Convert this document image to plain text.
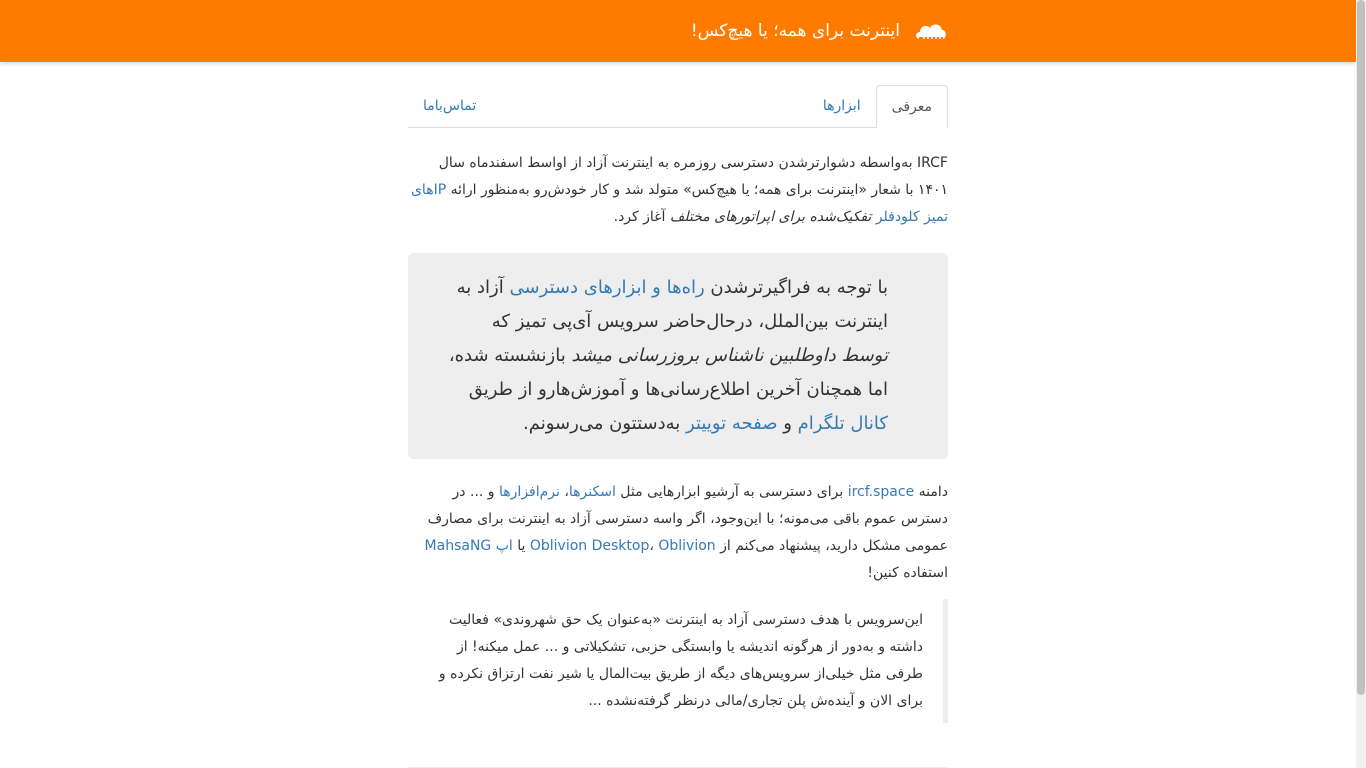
اینترنت برای همه؛ یا هیچ‌کس!
معرفی
ابزارها
تماس‌باما

IRCF به‌واسطه دشوارترشدن دسترسی روزمره به اینترنت آزاد از اواسط اسفندماه سال ۱۴۰۱ با شعار «اینترنت برای همه؛ یا هیچ‌کس» متولد شد و کار خودش‌رو به‌منظور ارائه IPهای تمیز کلودفلر تفکیک‌شده برای اپراتورهای مختلف آغاز کرد.

با توجه به فراگیرترشدن راه‌ها و ابزارهای دسترسی آزاد به اینترنت بین‌الملل، درحال‌حاضر سرویس آی‌پی تمیز که توسط داوطلبین ناشناس بروزرسانی میشد بازنشسته شده، اما همچنان آخرین اطلاع‌رسانی‌ها و آموزش‌هارو از طریق کانال تلگرام و صفحه توییتر به‌دستتون می‌رسونم.

دامنه ircf.space برای دسترسی به آرشیو ابزارهایی مثل اسکنرها، نرم‌افزارها و ... در دسترس عموم باقی می‌مونه؛ با این‌وجود، اگر واسه دسترسی آزاد به اینترنت برای مصارف عمومی مشکل دارید، پیشنهاد می‌کنم از Oblivion Desktop، Oblivion یا اپ MahsaNG استفاده کنین!

این‌سرویس با هدف دسترسی آزاد به اینترنت «به‌عنوان یک حق شهروندی» فعالیت داشته و به‌دور از هرگونه اندیشه یا وابستگی حزبی، تشکیلاتی و ... عمل میکنه! از طرفی مثل خیلی‌از سرویس‌های دیگه از طریق بیت‌المال یا شیر نفت ارتزاق نکرده و برای الان و آینده‌ش پلن تجاری/مالی درنظر گرفته‌نشده ...
